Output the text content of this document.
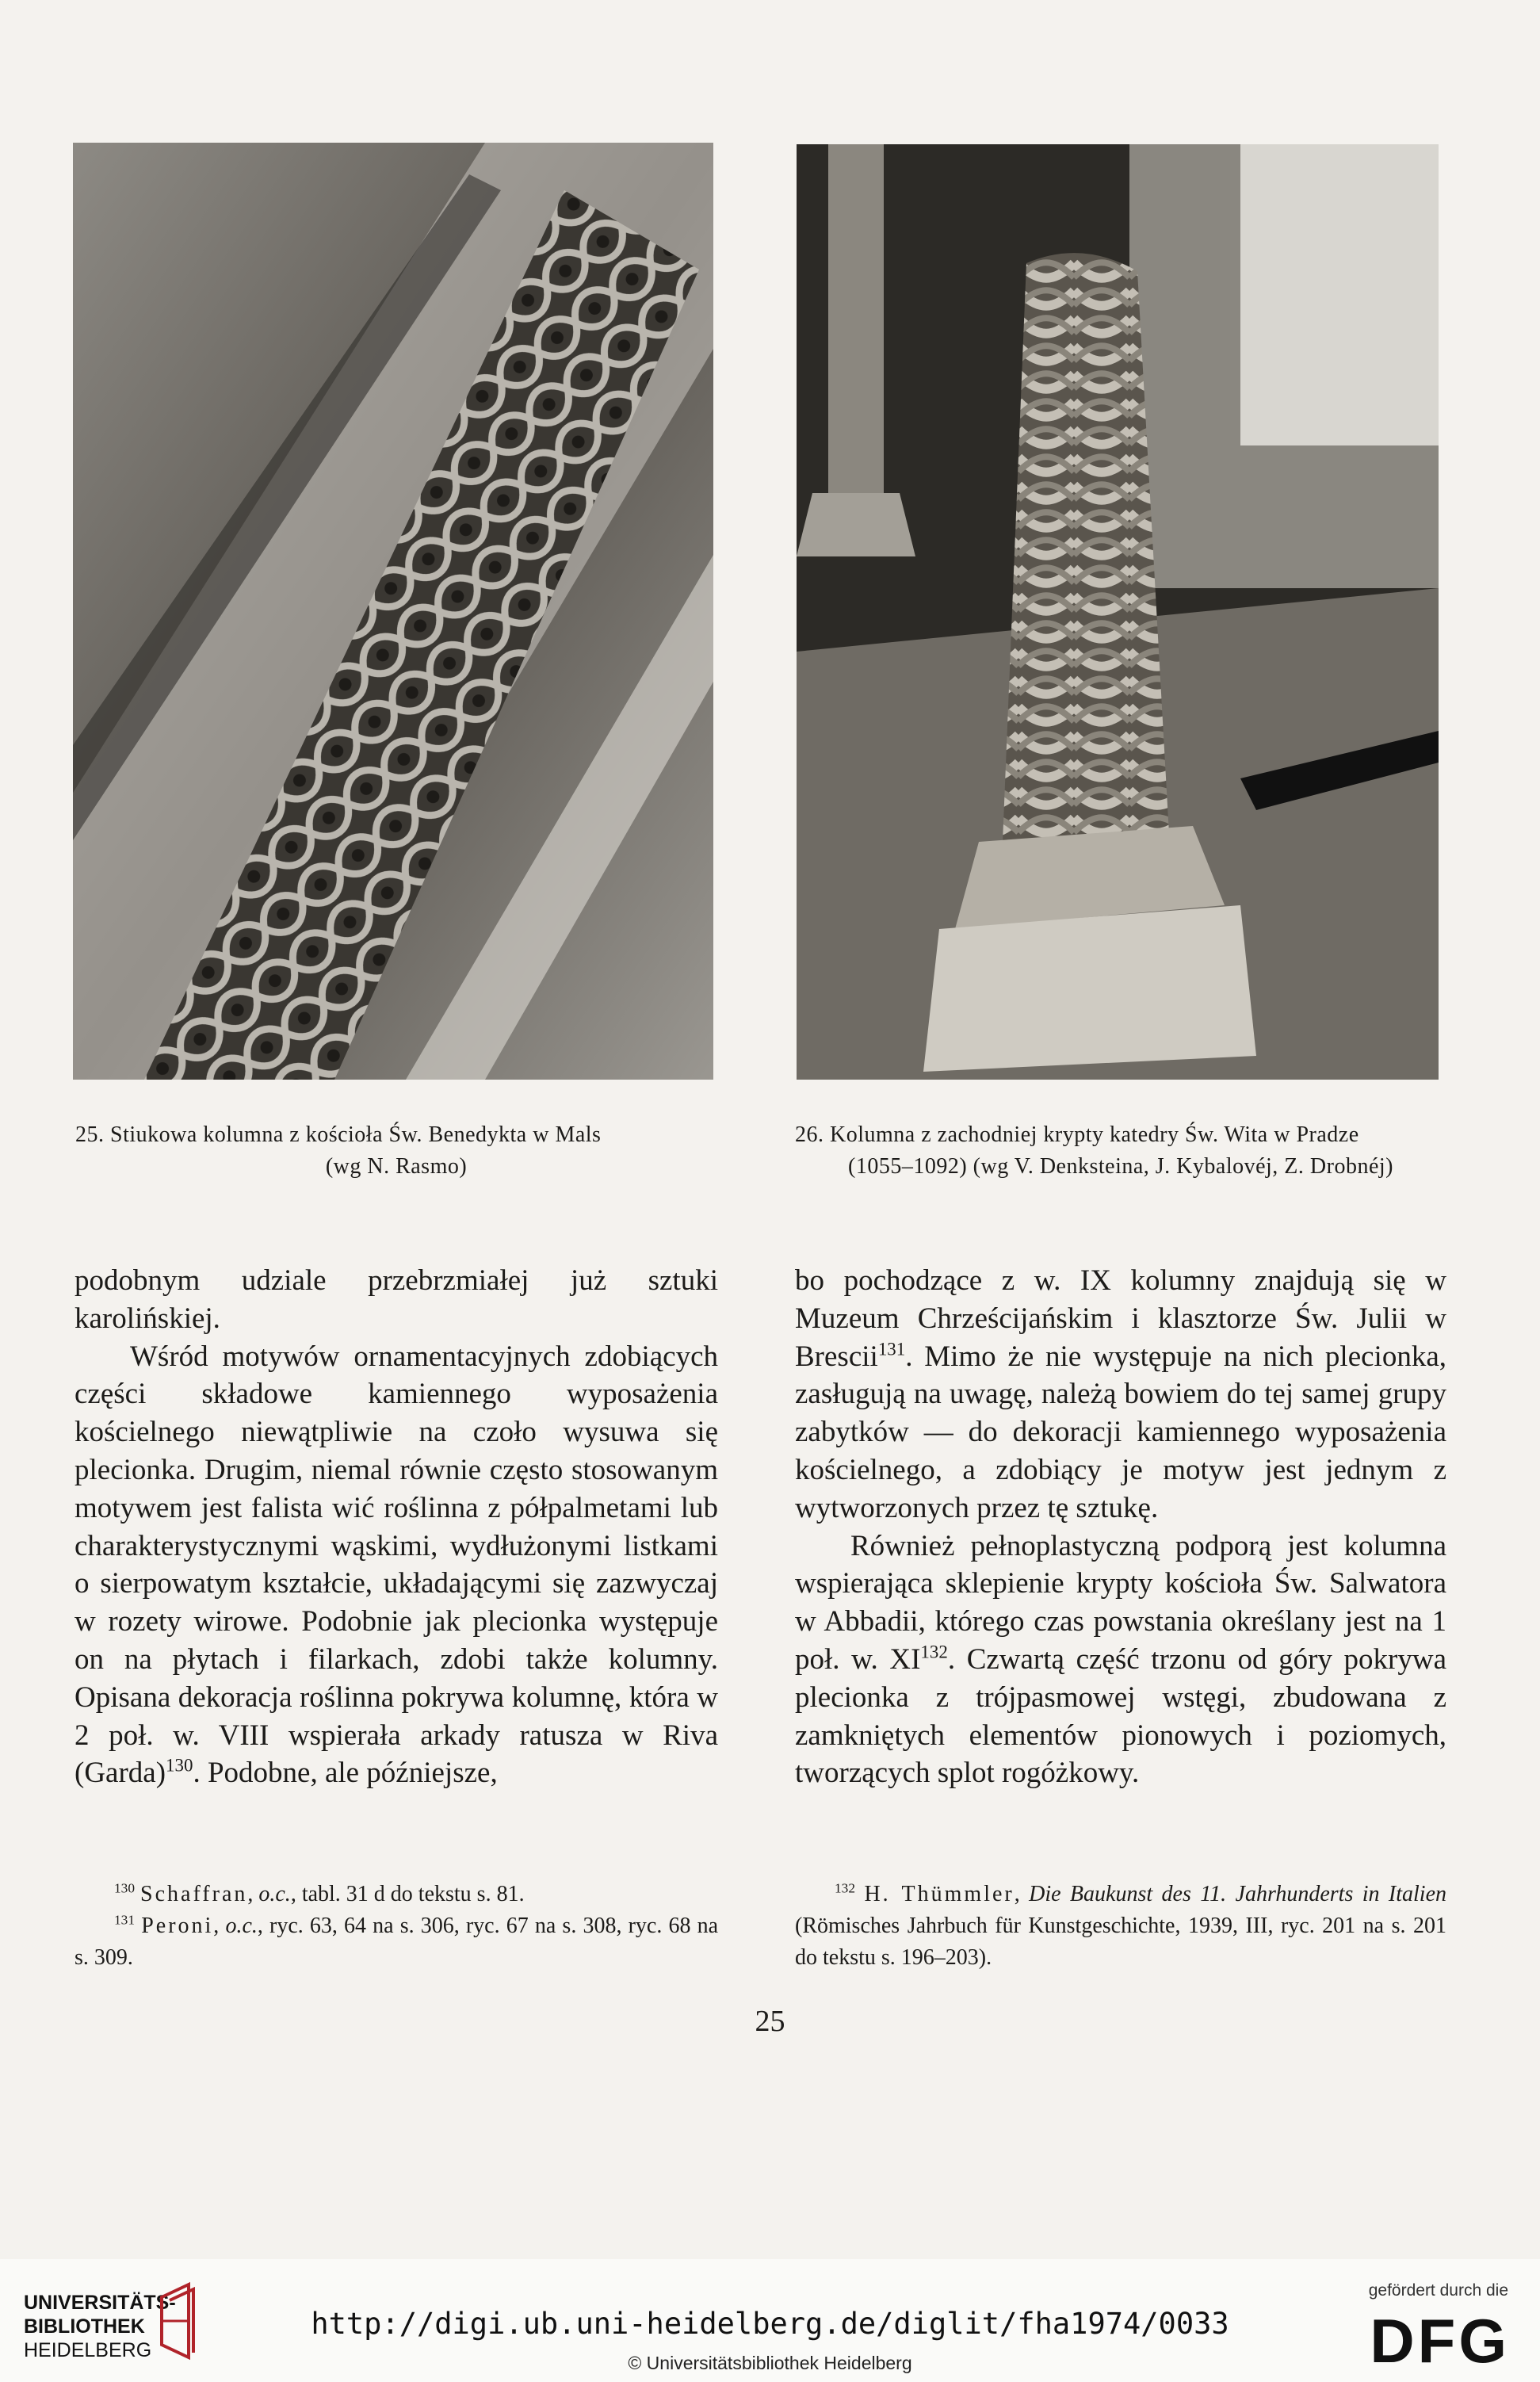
25. Stiukowa kolumna z kościoła Św. Benedykta w Mals

(wg N. Rasmo)

26. Kolumna z zachodniej krypty katedry Św. Wita w Pradze

(1055–1092) (wg V. Denksteina, J. Kybalovéj, Z. Drobnéj)

podobnym udziale przebrzmiałej już sztuki karolińskiej.

Wśród motywów ornamentacyjnych zdobiących części składowe kamiennego wyposażenia kościelnego niewątpliwie na czoło wysuwa się plecionka. Drugim, niemal równie często stosowanym motywem jest falista wić roślinna z półpalmetami lub charakterystycznymi wąskimi, wydłużonymi listkami o sierpowatym kształcie, układającymi się zazwyczaj w rozety wirowe. Podobnie jak plecionka występuje on na płytach i filarkach, zdobi także kolumny. Opisana dekoracja roślinna pokrywa kolumnę, która w 2 poł. w. VIII wspierała arkady ratusza w Riva (Garda)$^{130}$. Podobne, ale późniejsze,

bo pochodzące z w. IX kolumny znajdują się w Muzeum Chrześcijańskim i klasztorze Św. Julii w Brescii$^{131}$. Mimo że nie występuje na nich plecionka, zasługują na uwagę, należą bowiem do tej samej grupy zabytków — do dekoracji kamiennego wyposażenia kościelnego, a zdobiący je motyw jest jednym z wytworzonych przez tę sztukę.

Również pełnoplastyczną podporą jest kolumna wspierająca sklepienie krypty kościoła Św. Salwatora w Abbadii, którego czas powstania określany jest na 1 poł. w. XI$^{132}$. Czwartą część trzonu od góry pokrywa plecionka z trójpasmowej wstęgi, zbudowana z zamkniętych elementów pionowych i poziomych, tworzących splot rogóżkowy.

$^{130}$ Schaffran, o.c., tabl. 31 d do tekstu s. 81.

$^{131}$ Peroni, o.c., ryc. 63, 64 na s. 306, ryc. 67 na s. 308, ryc. 68 na s. 309.

$^{132}$ H. Thümmler, Die Baukunst des 11. Jahrhunderts in Italien (Römisches Jahrbuch für Kunstgeschichte, 1939, III, ryc. 201 na s. 201 do tekstu s. 196–203).

25
UNIVERSITÄTS-
BIBLIOTHEK
HEIDELBERG
http://digi.ub.uni-heidelberg.de/diglit/fha1974/0033
© Universitätsbibliothek Heidelberg
gefördert durch die
DFG
